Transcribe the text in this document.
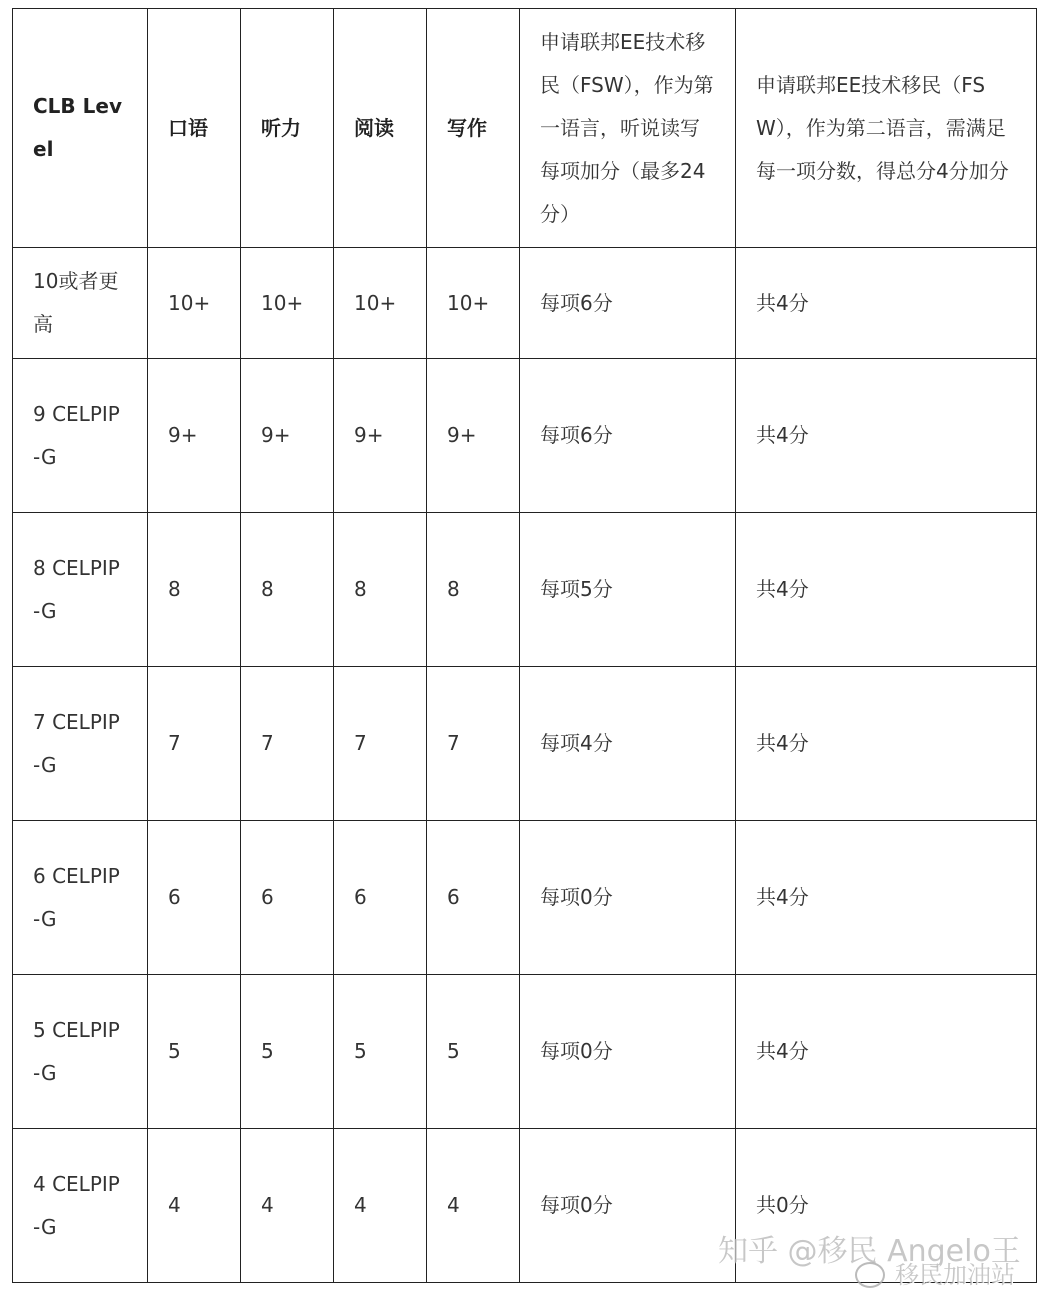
CLB Level	口语	听力	阅读	写作	申请联邦EE技术移民（FSW），作为第一语言，听说读写每项加分（最多24分）	申请联邦EE技术移民（FSW），作为第二语言，需满足每一项分数，得总分4分加分
10或者更高	10+	10+	10+	10+	每项6分	共4分
9 CELPIP-G	9+	9+	9+	9+	每项6分	共4分
8 CELPIP-G	8	8	8	8	每项5分	共4分
7 CELPIP-G	7	7	7	7	每项4分	共4分
6 CELPIP-G	6	6	6	6	每项0分	共4分
5 CELPIP-G	5	5	5	5	每项0分	共4分
4 CELPIP-G	4	4	4	4	每项0分	共0分
知乎 @移民 Angelo王
移民加油站
